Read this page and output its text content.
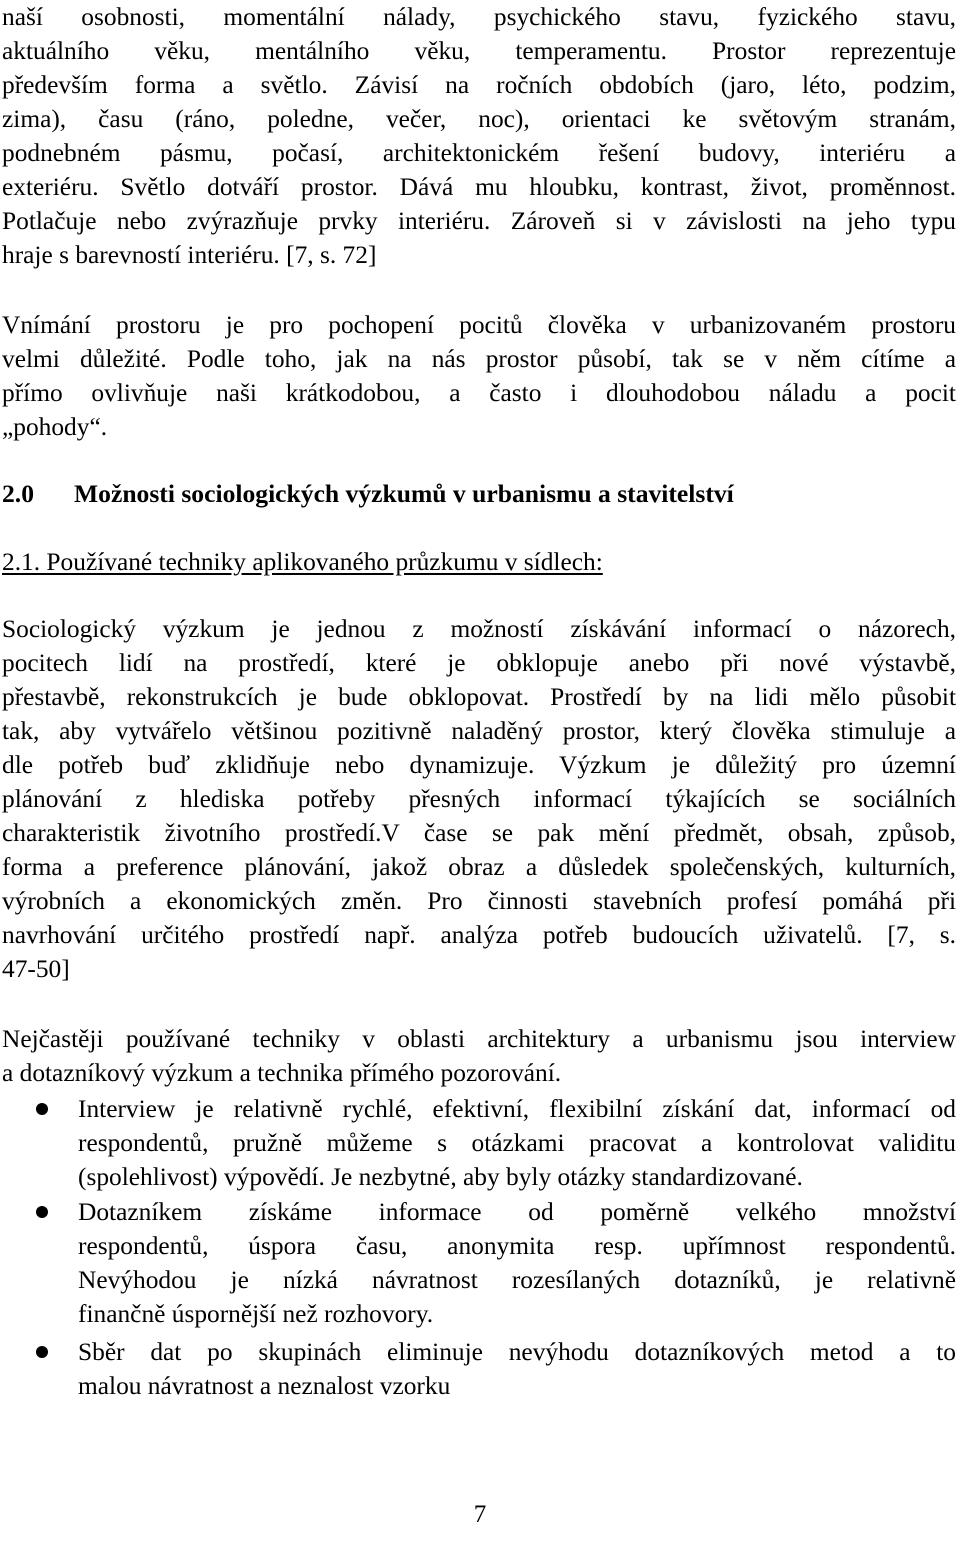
naší osobnosti, momentální nálady, psychického stavu, fyzického stavu,
aktuálního věku, mentálního věku, temperamentu. Prostor reprezentuje
především forma a světlo. Závisí na ročních obdobích (jaro, léto, podzim,
zima), času (ráno, poledne, večer, noc), orientaci ke světovým stranám,
podnebném pásmu, počasí, architektonickém řešení budovy, interiéru a
exteriéru. Světlo dotváří prostor. Dává mu hloubku, kontrast, život, proměnnost.
Potlačuje nebo zvýrazňuje prvky interiéru. Zároveň si v závislosti na jeho typu
hraje s barevností interiéru. [7, s. 72]
Vnímání prostoru je pro pochopení pocitů člověka v urbanizovaném prostoru
velmi důležité. Podle toho, jak na nás prostor působí, tak se v něm cítíme a
přímo ovlivňuje naši krátkodobou, a často i dlouhodobou náladu a pocit
„pohody“.
2.0 Možnosti sociologických výzkumů v urbanismu a stavitelství
2.1. Používané techniky aplikovaného průzkumu v sídlech:
Sociologický výzkum je jednou z možností získávání informací o názorech,
pocitech lidí na prostředí, které je obklopuje anebo při nové výstavbě,
přestavbě, rekonstrukcích je bude obklopovat. Prostředí by na lidi mělo působit
tak, aby vytvářelo většinou pozitivně naladěný prostor, který člověka stimuluje a
dle potřeb buď zklidňuje nebo dynamizuje. Výzkum je důležitý pro územní
plánování z hlediska potřeby přesných informací týkajících se sociálních
charakteristik životního prostředí.V čase se pak mění předmět, obsah, způsob,
forma a preference plánování, jakož obraz a důsledek společenských, kulturních,
výrobních a ekonomických změn. Pro činnosti stavebních profesí pomáhá při
navrhování určitého prostředí např. analýza potřeb budoucích uživatelů. [7, s.
47-50]
Nejčastěji používané techniky v oblasti architektury a urbanismu jsou interview
a dotazníkový výzkum a technika přímého pozorování.
Interview je relativně rychlé, efektivní, flexibilní získání dat, informací od
respondentů, pružně můžeme s otázkami pracovat a kontrolovat validitu
(spolehlivost) výpovědí. Je nezbytné, aby byly otázky standardizované.
Dotazníkem získáme informace od poměrně velkého množství
respondentů, úspora času, anonymita resp. upřímnost respondentů.
Nevýhodou je nízká návratnost rozesílaných dotazníků, je relativně
finančně úspornější než rozhovory.
Sběr dat po skupinách eliminuje nevýhodu dotazníkových metod a to
malou návratnost a neznalost vzorku
7
